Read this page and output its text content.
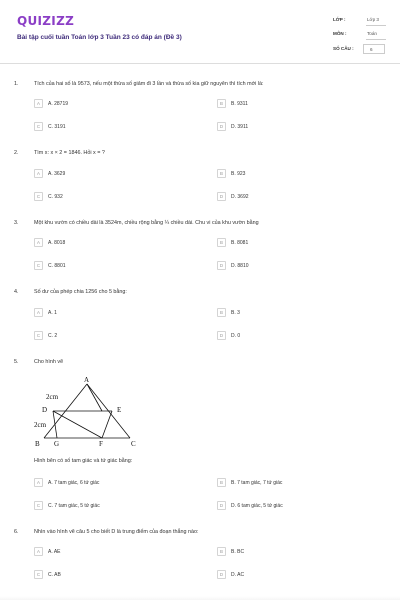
QUIZIZZ
Bài tập cuối tuần Toán lớp 3 Tuần 23 có đáp án (Đề 3)
LỚP :	Lớp 3
MÔN :	Toán
SỐ CÂU :	6
1.	Tích của hai số là 9573, nếu một thừa số giảm đi 3 lần và thừa số kia giữ nguyên thì tích mới là:
A	A. 28719	B	B. 9311
C	C. 3191	D	D. 3911
2.	Tìm x: x × 2 = 1846. Hỏi x = ?
A	A. 3629	B	B. 923
C	C. 932	D	D. 3692
3.	Một khu vườn có chiều dài là 3524m, chiều rộng bằng ¼ chiều dài. Chu vi của khu vườn bằng
A	A. 8018	B	B. 8081
C	C. 8801	D	D. 8810
4.	Số dư của phép chia 1256 cho 5 bằng:
A	A. 1	B	B. 3
C	C. 2	D	D. 0
5.	Cho hình vẽ
A
D	E
B G	F	C
2cm
2cm
Hình bên có số tam giác và tứ giác bằng:
A	A. 7 tam giác, 6 tứ giác	B	B. 7 tam giác, 7 tứ giác
C	C. 7 tam giác, 5 tứ giác	D	D. 6 tam giác, 5 tứ giác
6.	Nhìn vào hình vẽ câu 5 cho biết D là trung điểm của đoạn thẳng nào:
A	A. AE	B	B. BC
C	C. AB	D	D. AC
